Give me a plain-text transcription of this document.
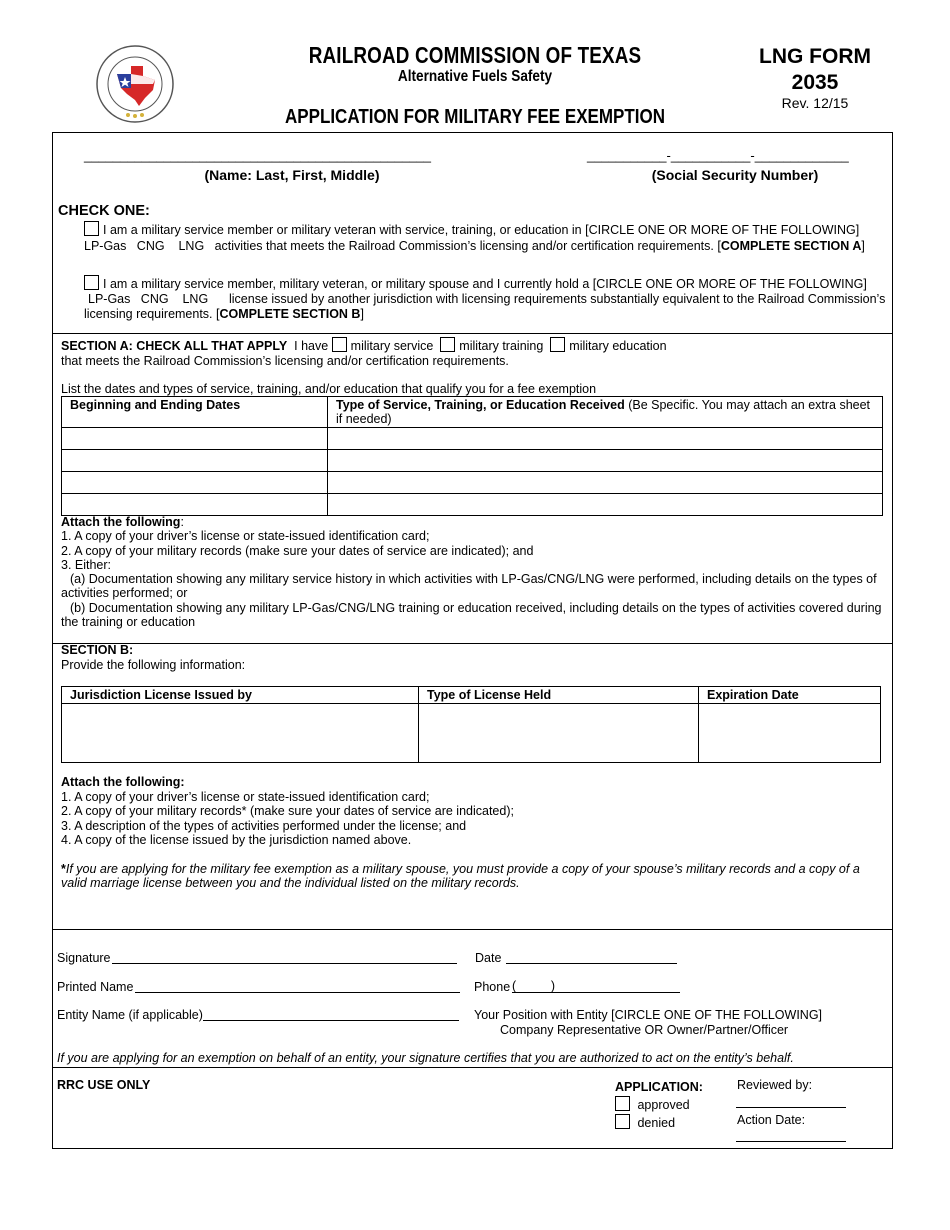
RAILROAD COMMISSION OF TEXAS
Alternative Fuels Safety
APPLICATION FOR MILITARY FEE EXEMPTION
LNG FORM
2035
Rev. 12/15
________________________________________________
(Name: Last, First, Middle)
___________-___________-_____________
(Social Security Number)
CHECK ONE:

I am a military service member or military veteran with service, training, or education in [CIRCLE ONE OR MORE OF THE FOLLOWING]

LP-Gas   CNG    LNG   activities that meets the Railroad Commission’s licensing and/or certification requirements. [COMPLETE SECTION A]

I am a military service member, military veteran, or military spouse and I currently hold a [CIRCLE ONE OR MORE OF THE FOLLOWING]

LP-Gas   CNG    LNG      license issued by another jurisdiction with licensing requirements substantially equivalent to the Railroad Commission’s

licensing requirements. [COMPLETE SECTION B]

SECTION A: CHECK ALL THAT APPLY I have military service military training military education

that meets the Railroad Commission’s licensing and/or certification requirements.

List the dates and types of service, training, and/or education that qualify you for a fee exemption
Beginning and Ending Dates	Type of Service, Training, or Education Received (Be Specific. You may attach an extra sheet if needed)

Attach the following:

1. A copy of your driver’s license or state-issued identification card;

2. A copy of your military records (make sure your dates of service are indicated); and

3. Either:

(a) Documentation showing any military service history in which activities with LP-Gas/CNG/LNG were performed, including details on the types of activities performed; or

(b) Documentation showing any military LP-Gas/CNG/LNG training or education received, including details on the types of activities covered during the training or education

SECTION B:

Provide the following information:

Jurisdiction License Issued by	Type of License Held	Expiration Date

Attach the following:

1. A copy of your driver’s license or state-issued identification card;

2. A copy of your military records* (make sure your dates of service are indicated);

3. A description of the types of activities performed under the license; and

4. A copy of the license issued by the jurisdiction named above.

*If you are applying for the military fee exemption as a military spouse, you must provide a copy of your spouse’s military records and a copy of a valid marriage license between you and the individual listed on the military records.

Signature	Date
Printed Name	Phone (          )
Entity Name (if applicable)	Your Position with Entity [CIRCLE ONE OF THE FOLLOWING]

Company Representative OR Owner/Partner/Officer

If you are applying for an exemption on behalf of an entity, your signature certifies that you are authorized to act on the entity’s behalf.
RRC USE ONLY	APPLICATION:

approved

denied

Reviewed by:
Action Date:
